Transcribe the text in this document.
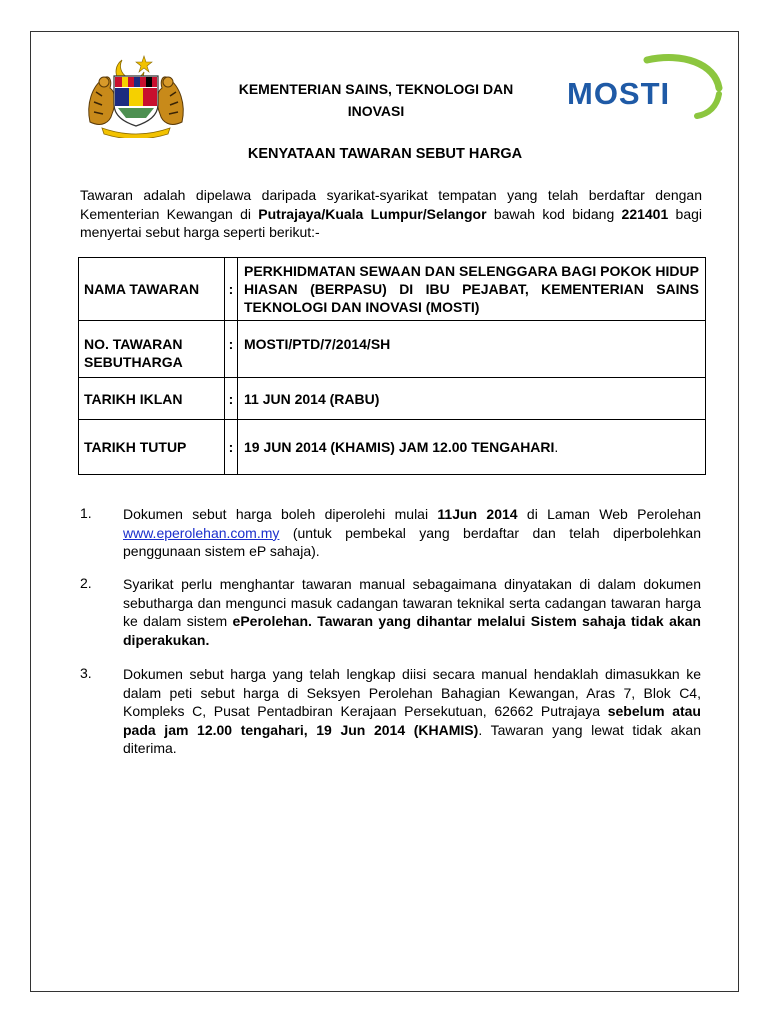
KEMENTERIAN SAINS, TEKNOLOGI DAN
INOVASI	MOSTI
KENYATAAN TAWARAN SEBUT HARGA
Tawaran adalah dipelawa daripada syarikat-syarikat tempatan yang telah berdaftar dengan Kementerian Kewangan di Putrajaya/Kuala Lumpur/Selangor bawah kod bidang 221401 bagi menyertai sebut harga seperti berikut:-
NAMA TAWARAN	:	PERKHIDMATAN SEWAAN DAN SELENGGARA BAGI POKOK HIDUP HIASAN (BERPASU) DI IBU PEJABAT, KEMENTERIAN SAINS TEKNOLOGI DAN INOVASI (MOSTI)
NO. TAWARAN SEBUTHARGA	:	MOSTI/PTD/7/2014/SH
TARIKH IKLAN	:	11 JUN 2014 (RABU)
TARIKH TUTUP	:	19 JUN 2014 (KHAMIS) JAM 12.00 TENGAHARI.
1. Dokumen sebut harga boleh diperolehi mulai 11Jun 2014 di Laman Web Perolehan www.eperolehan.com.my (untuk pembekal yang berdaftar dan telah diperbolehkan penggunaan sistem eP sahaja).
2. Syarikat perlu menghantar tawaran manual sebagaimana dinyatakan di dalam dokumen sebutharga dan mengunci masuk cadangan tawaran teknikal serta cadangan tawaran harga ke dalam sistem ePerolehan. Tawaran yang dihantar melalui Sistem sahaja tidak akan diperakukan.
3. Dokumen sebut harga yang telah lengkap diisi secara manual hendaklah dimasukkan ke dalam peti sebut harga di Seksyen Perolehan Bahagian Kewangan, Aras 7, Blok C4, Kompleks C, Pusat Pentadbiran Kerajaan Persekutuan, 62662 Putrajaya sebelum atau pada jam 12.00 tengahari, 19 Jun 2014 (KHAMIS). Tawaran yang lewat tidak akan diterima.
